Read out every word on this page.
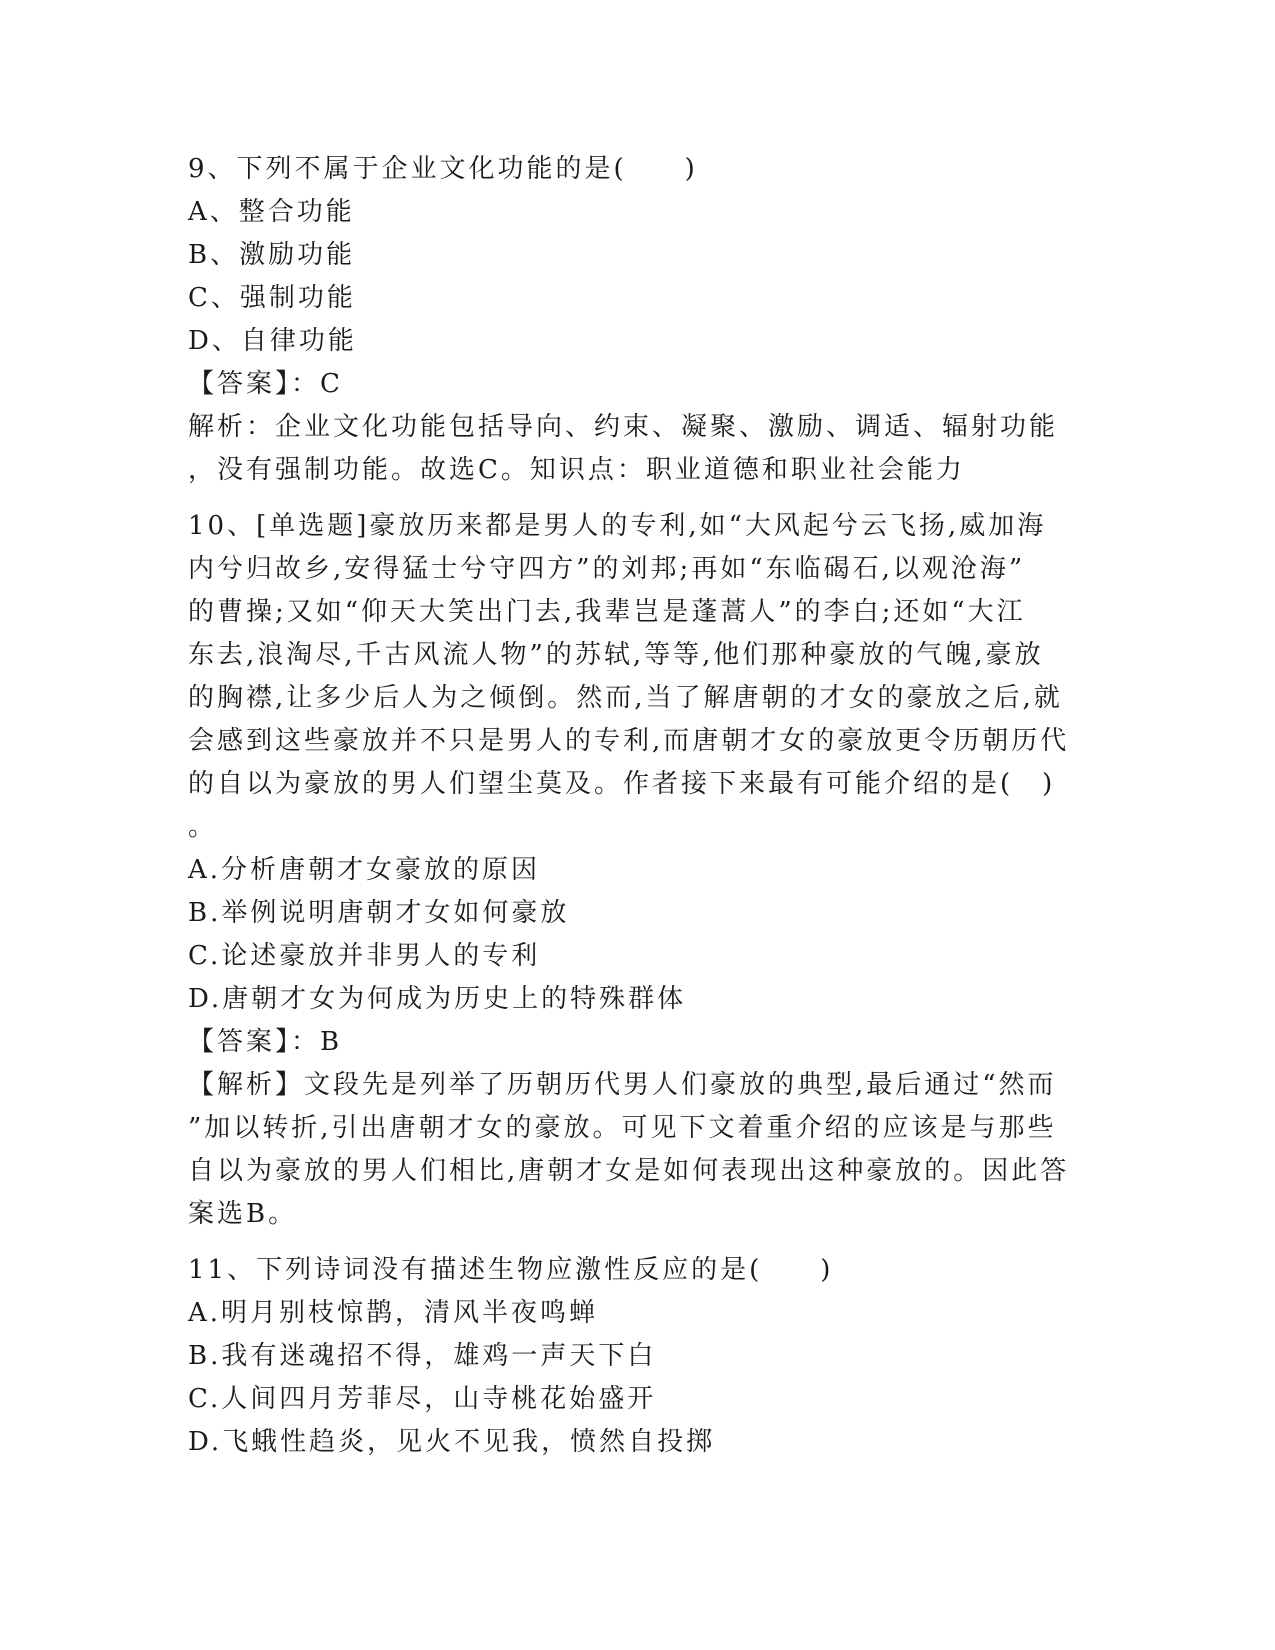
9、下列不属于企业文化功能的是(　　)
A、整合功能
B、激励功能
C、强制功能
D、自律功能
【答案】：C
解析：企业文化功能包括导向、约束、凝聚、激励、调适、辐射功能
，没有强制功能。故选C。知识点：职业道德和职业社会能力
10、[单选题]豪放历来都是男人的专利,如“大风起兮云飞扬,威加海
内兮归故乡,安得猛士兮守四方”的刘邦;再如“东临碣石,以观沧海”
的曹操;又如“仰天大笑出门去,我辈岂是蓬蒿人”的李白;还如“大江
东去,浪淘尽,千古风流人物”的苏轼,等等,他们那种豪放的气魄,豪放
的胸襟,让多少后人为之倾倒。然而,当了解唐朝的才女的豪放之后,就
会感到这些豪放并不只是男人的专利,而唐朝才女的豪放更令历朝历代
的自以为豪放的男人们望尘莫及。作者接下来最有可能介绍的是(　)
。
A.分析唐朝才女豪放的原因
B.举例说明唐朝才女如何豪放
C.论述豪放并非男人的专利
D.唐朝才女为何成为历史上的特殊群体
【答案】：B
【解析】文段先是列举了历朝历代男人们豪放的典型,最后通过“然而
”加以转折,引出唐朝才女的豪放。可见下文着重介绍的应该是与那些
自以为豪放的男人们相比,唐朝才女是如何表现出这种豪放的。因此答
案选B。
11、下列诗词没有描述生物应激性反应的是(　　)
A.明月别枝惊鹊，清风半夜鸣蝉
B.我有迷魂招不得，雄鸡一声天下白
C.人间四月芳菲尽，山寺桃花始盛开
D.飞蛾性趋炎，见火不见我，愤然自投掷
